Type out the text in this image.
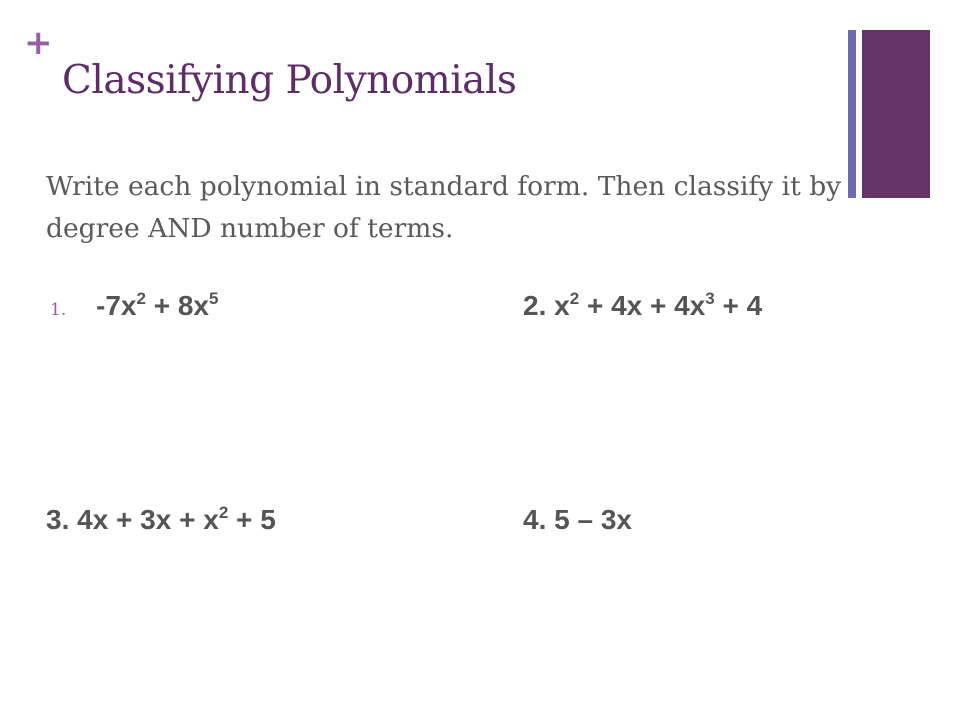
+
Classifying Polynomials

Write each polynomial in standard form. Then classify it by degree AND number of terms.

1. $-7x^2 + 8x^5$	2. $x^2 + 4x + 4x^3 + 4$

3. $4x + 3x + x^2 + 5$	4. 5 – 3x
